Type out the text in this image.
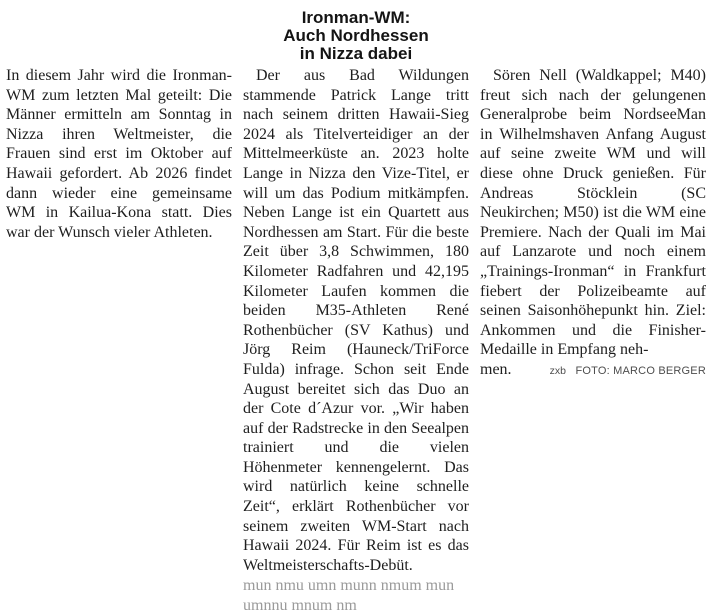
Ironman-WM:
Auch Nordhessen
in Nizza dabei

In diesem Jahr wird die Ironman-WM zum letzten Mal geteilt: Die Männer ermitteln am Sonntag in Nizza ihren Weltmeister, die Frauen sind erst im Oktober auf Hawaii gefordert. Ab 2026 findet dann wieder eine gemeinsame WM in Kailua-Kona statt. Dies war der Wunsch vieler Athleten.

Der aus Bad Wildungen stammende Patrick Lange tritt nach seinem dritten Hawaii-Sieg 2024 als Titelverteidiger an der Mittelmeerküste an. 2023 holte Lange in Nizza den Vize-Titel, er will um das Podium mitkämpfen. Neben Lange ist ein Quartett aus Nordhessen am Start. Für die beste Zeit über 3,8 Schwimmen, 180 Kilometer Radfahren und 42,195 Kilometer Laufen kommen die beiden M35-Athleten René Rothenbücher (SV Kathus) und Jörg Reim (Hauneck/TriForce Fulda) infrage. Schon seit Ende August bereitet sich das Duo an der Cote d´Azur vor. „Wir haben auf der Radstrecke in den Seealpen trainiert und die vielen Höhenmeter kennengelernt. Das wird natürlich keine schnelle Zeit“, erklärt Rothenbücher vor seinem zweiten WM-Start nach Hawaii 2024. Für Reim ist es das Weltmeisterschafts-Debüt.

mun nmu umn munn nmum mun umnnu mnum nm

Sören Nell (Waldkappel; M40) freut sich nach der gelungenen Generalprobe beim NordseeMan in Wilhelmshaven Anfang August auf seine zweite WM und will diese ohne Druck genießen. Für Andreas Stöcklein (SC Neukirchen; M50) ist die WM eine Premiere. Nach der Quali im Mai auf Lanzarote und noch einem „Trainings-Ironman“ in Frankfurt fiebert der Polizeibeamte auf seinen Saisonhöhepunkt hin. Ziel: Ankommen und die Finisher-Medaille in Empfang neh-

men.	zxb FOTO: MARCO BERGER
